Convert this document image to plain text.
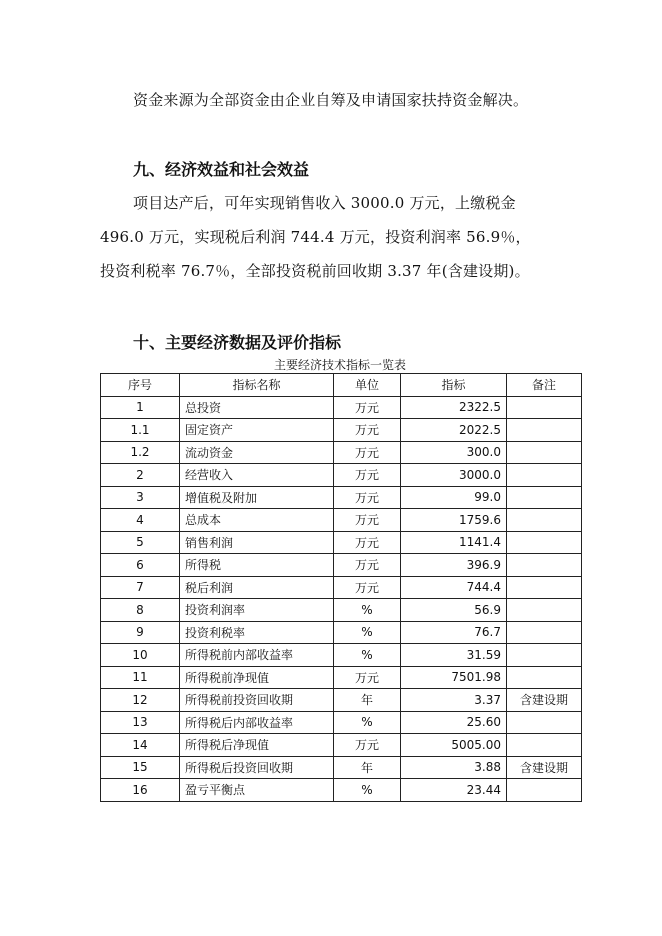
资金来源为全部资金由企业自筹及申请国家扶持资金解决。
九、经济效益和社会效益
项目达产后，可年实现销售收入 3000.0 万元，上缴税金
496.0 万元，实现税后利润 744.4 万元，投资利润率 56.9％，
投资利税率 76.7％，全部投资税前回收期 3.37 年(含建设期)。
十、主要经济数据及评价指标
主要经济技术指标一览表
序号	指标名称	单位	指标	备注
1	总投资	万元	2322.5	
1.1	固定资产	万元	2022.5	
1.2	流动资金	万元	300.0	
2	经营收入	万元	3000.0	
3	增值税及附加	万元	99.0	
4	总成本	万元	1759.6	
5	销售利润	万元	1141.4	
6	所得税	万元	396.9	
7	税后利润	万元	744.4	
8	投资利润率	%	56.9	
9	投资利税率	%	76.7	
10	所得税前内部收益率	%	31.59	
11	所得税前净现值	万元	7501.98	
12	所得税前投资回收期	年	3.37	含建设期
13	所得税后内部收益率	%	25.60	
14	所得税后净现值	万元	5005.00	
15	所得税后投资回收期	年	3.88	含建设期
16	盈亏平衡点	%	23.44	
